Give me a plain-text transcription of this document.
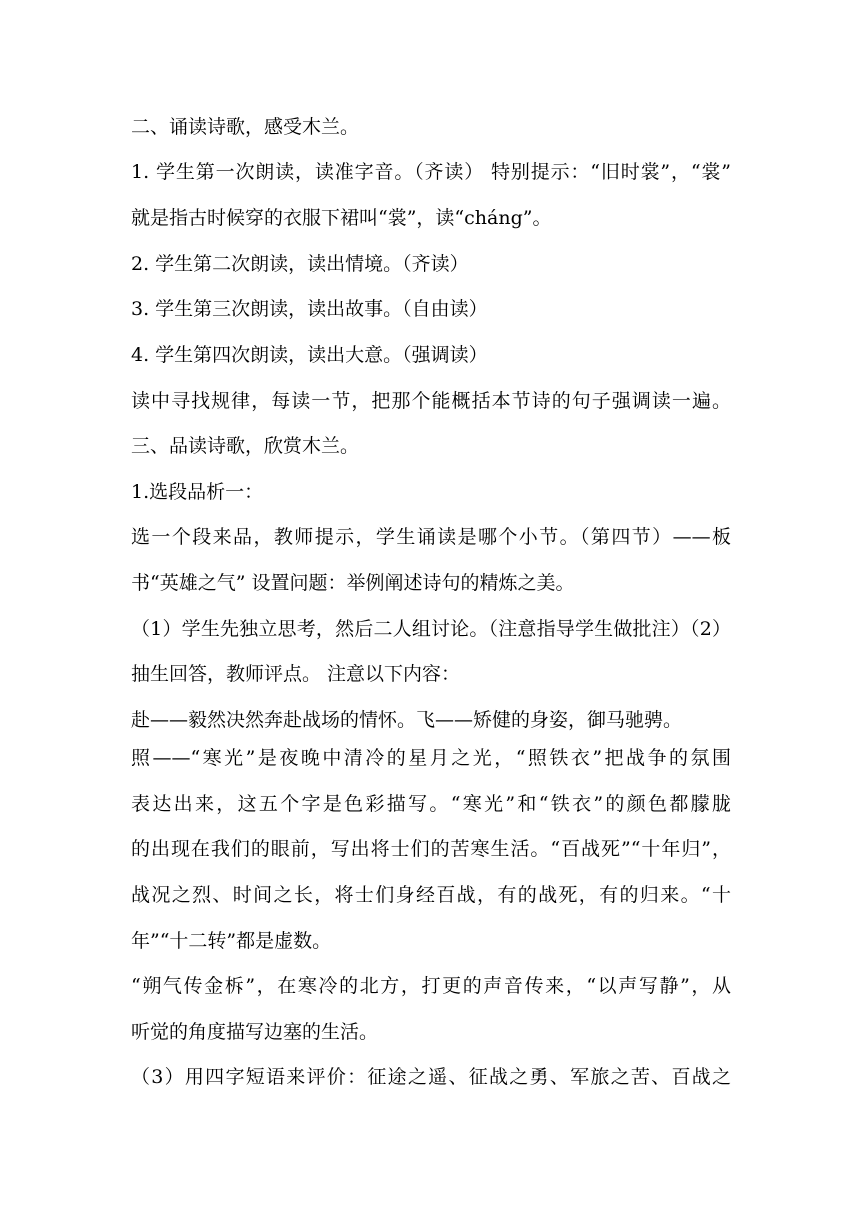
二、诵读诗歌，感受木兰。
1. 学生第一次朗读，读准字音。（齐读） 特别提示：“旧时裳”，“裳”
就是指古时候穿的衣服下裙叫“裳”，读“cháng”。
2. 学生第二次朗读，读出情境。（齐读）
3. 学生第三次朗读，读出故事。（自由读）
4. 学生第四次朗读，读出大意。（强调读）
读中寻找规律，每读一节，把那个能概括本节诗的句子强调读一遍。
三、品读诗歌，欣赏木兰。
1.选段品析一：
选一个段来品，教师提示，学生诵读是哪个小节。（第四节）——板
书“英雄之气” 设置问题：举例阐述诗句的精炼之美。
（1）学生先独立思考，然后二人组讨论。（注意指导学生做批注）（2）
抽生回答，教师评点。 注意以下内容：
赴——毅然决然奔赴战场的情怀。飞——矫健的身姿，御马驰骋。
照——“寒光”是夜晚中清冷的星月之光，“照铁衣”把战争的氛围
表达出来，这五个字是色彩描写。“寒光”和“铁衣”的颜色都朦胧
的出现在我们的眼前，写出将士们的苦寒生活。“百战死”“十年归”，
战况之烈、时间之长，将士们身经百战，有的战死，有的归来。“十
年”“十二转”都是虚数。
“朔气传金柝”，在寒冷的北方，打更的声音传来，“以声写静”，从
听觉的角度描写边塞的生活。
（3）用四字短语来评价：征途之遥、征战之勇、军旅之苦、百战之
